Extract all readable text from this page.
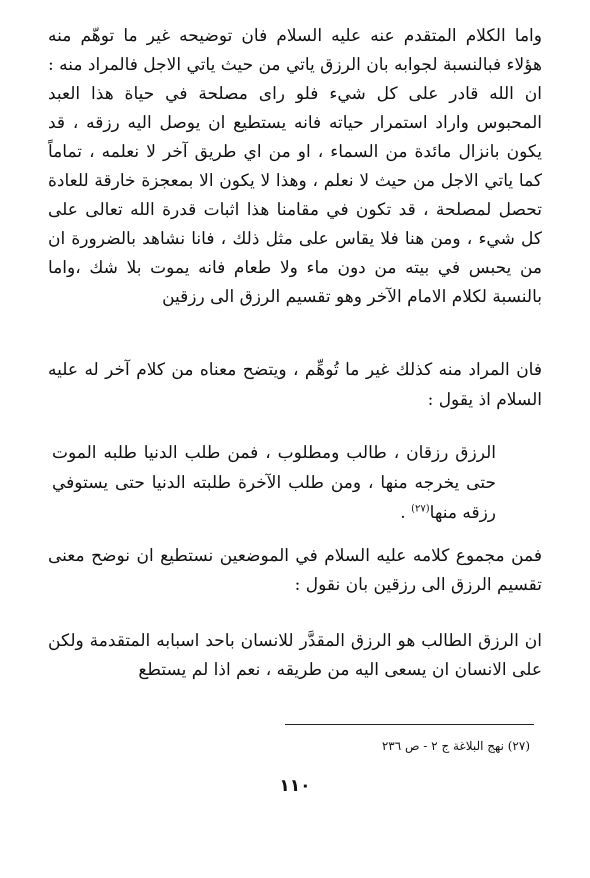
واما الكلام المتقدم عنه عليه السلام فان توضيحه غير ما توهّم منه هؤلاء فبالنسبة لجوابه بان الرزق ياتي من حيث ياتي الاجل فالمراد منه : ان الله قادر على كل شيء فلو راى مصلحة في حياة هذا العبد المحبوس واراد استمرار حياته فانه يستطيع ان يوصل اليه رزقه ، قد يكون بانزال مائدة من السماء ، او من اي طريق آخر لا نعلمه ، تماماً كما ياتي الاجل من حيث لا نعلم ، وهذا لا يكون الا بمعجزة خارقة للعادة تحصل لمصلحة ، قد تكون في مقامنا هذا اثبات قدرة الله تعالى على كل شيء ، ومن هنا فلا يقاس على مثل ذلك ، فانا نشاهد بالضرورة ان من يحبس في بيته من دون ماء ولا طعام فانه يموت بلا شك ،واما بالنسبة لكلام الامام الآخر وهو تقسيم الرزق الى رزقين

فان المراد منه كذلك غير ما تُوهِّم ، ويتضح معناه من كلام آخر له عليه السلام اذ يقول :

الرزق رزقان ، طالب ومطلوب ، فمن طلب الدنيا طلبه الموت حتى يخرجه منها ، ومن طلب الآخرة طلبته الدنيا حتى يستوفي رزقه منها$^{(٢٧)}$ .

فمن مجموع كلامه عليه السلام في الموضعين نستطيع ان نوضح معنى تقسيم الرزق الى رزقين بان نقول :

ان الرزق الطالب هو الرزق المقدَّر للانسان باحد اسبابه المتقدمة ولكن على الانسان ان يسعى اليه من طريقه ، نعم اذا لم يستطع

(٢٧) نهج البلاغة ج ٢ - ص ٢٣٦

١١٠
